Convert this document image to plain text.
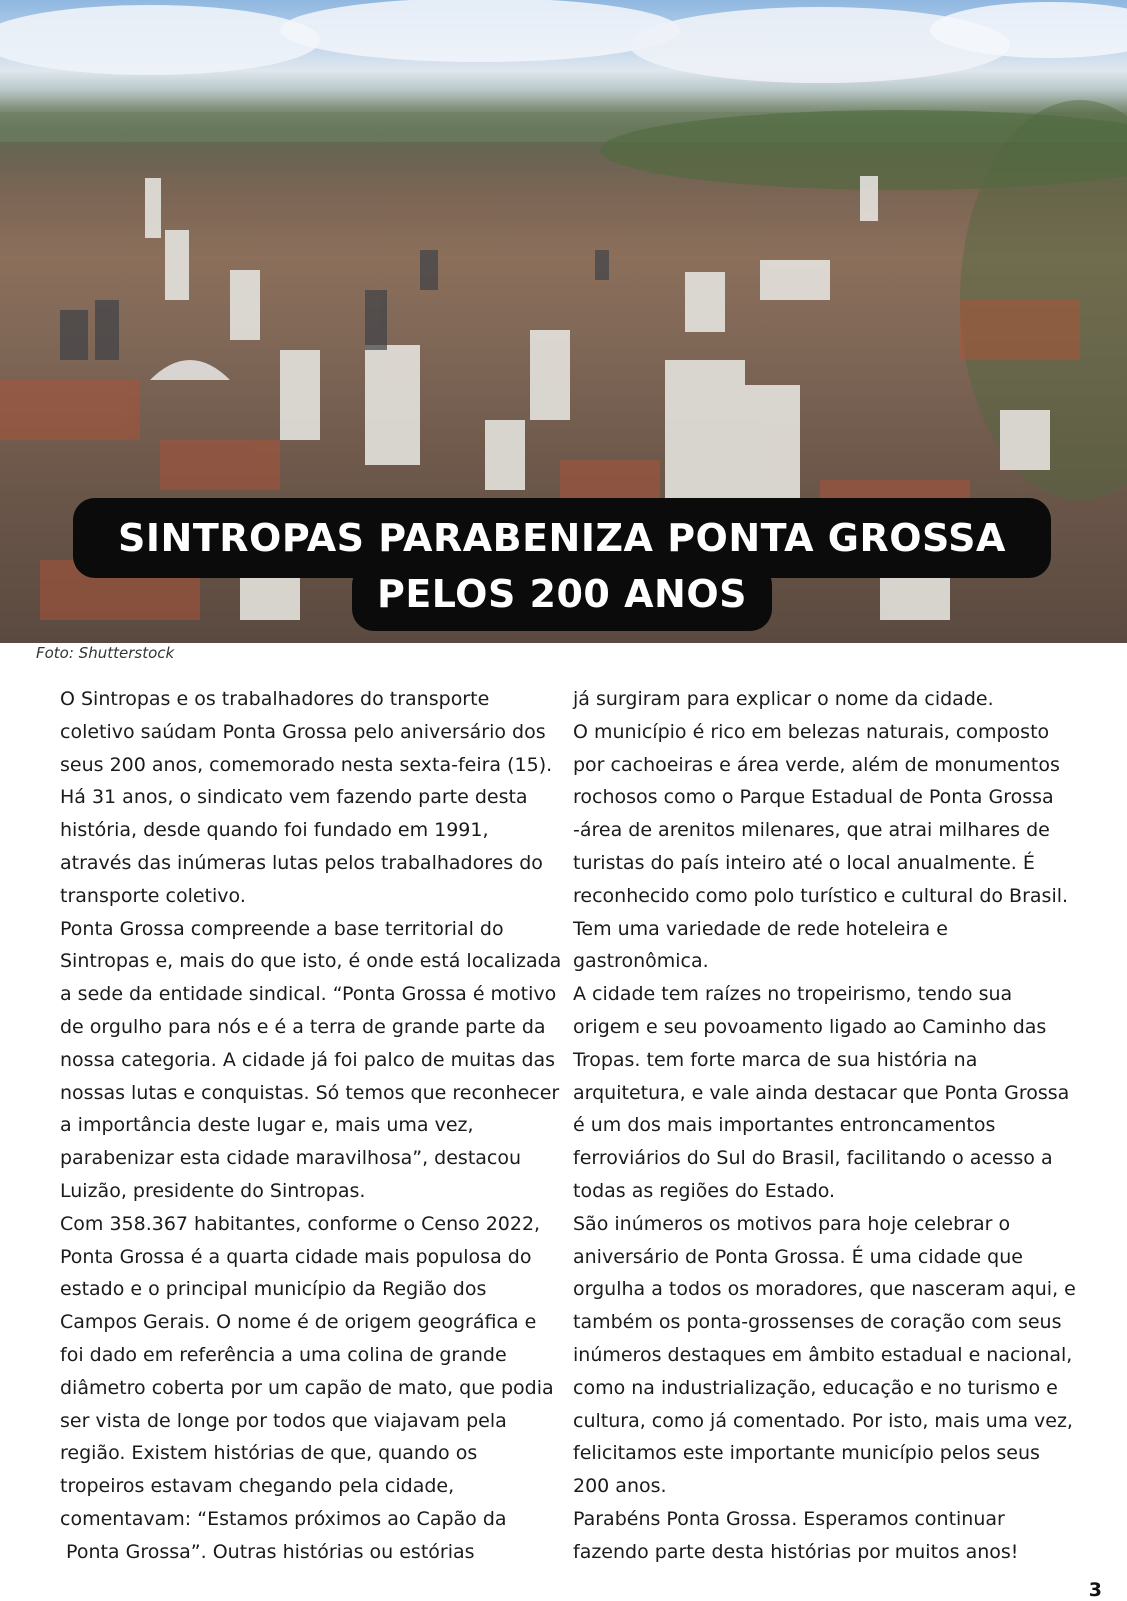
SINTROPAS PARABENIZA PONTA GROSSA
PELOS 200 ANOS
Foto: Shutterstock

O Sintropas e os trabalhadores do transporte

coletivo saúdam Ponta Grossa pelo aniversário dos

seus 200 anos, comemorado nesta sexta-feira (15).

Há 31 anos, o sindicato vem fazendo parte desta

história, desde quando foi fundado em 1991,

através das inúmeras lutas pelos trabalhadores do

transporte coletivo.

Ponta Grossa compreende a base territorial do

Sintropas e, mais do que isto, é onde está localizada

a sede da entidade sindical. “Ponta Grossa é motivo

de orgulho para nós e é a terra de grande parte da

nossa categoria. A cidade já foi palco de muitas das

nossas lutas e conquistas. Só temos que reconhecer

a importância deste lugar e, mais uma vez,

parabenizar esta cidade maravilhosa”, destacou

Luizão, presidente do Sintropas.

Com 358.367 habitantes, conforme o Censo 2022,

Ponta Grossa é a quarta cidade mais populosa do

estado e o principal município da Região dos

Campos Gerais. O nome é de origem geográfica e

foi dado em referência a uma colina de grande

diâmetro coberta por um capão de mato, que podia

ser vista de longe por todos que viajavam pela

região. Existem histórias de que, quando os

tropeiros estavam chegando pela cidade,

comentavam: “Estamos próximos ao Capão da

Ponta Grossa”. Outras histórias ou estórias

já surgiram para explicar o nome da cidade.

O município é rico em belezas naturais, composto

por cachoeiras e área verde, além de monumentos

rochosos como o Parque Estadual de Ponta Grossa

-área de arenitos milenares, que atrai milhares de

turistas do país inteiro até o local anualmente. É

reconhecido como polo turístico e cultural do Brasil.

Tem uma variedade de rede hoteleira e

gastronômica.

A cidade tem raízes no tropeirismo, tendo sua

origem e seu povoamento ligado ao Caminho das

Tropas. tem forte marca de sua história na

arquitetura, e vale ainda destacar que Ponta Grossa

é um dos mais importantes entroncamentos

ferroviários do Sul do Brasil, facilitando o acesso a

todas as regiões do Estado.

São inúmeros os motivos para hoje celebrar o

aniversário de Ponta Grossa. É uma cidade que

orgulha a todos os moradores, que nasceram aqui, e

também os ponta-grossenses de coração com seus

inúmeros destaques em âmbito estadual e nacional,

como na industrialização, educação e no turismo e

cultura, como já comentado. Por isto, mais uma vez,

felicitamos este importante município pelos seus

200 anos.

Parabéns Ponta Grossa. Esperamos continuar

fazendo parte desta histórias por muitos anos!

3
